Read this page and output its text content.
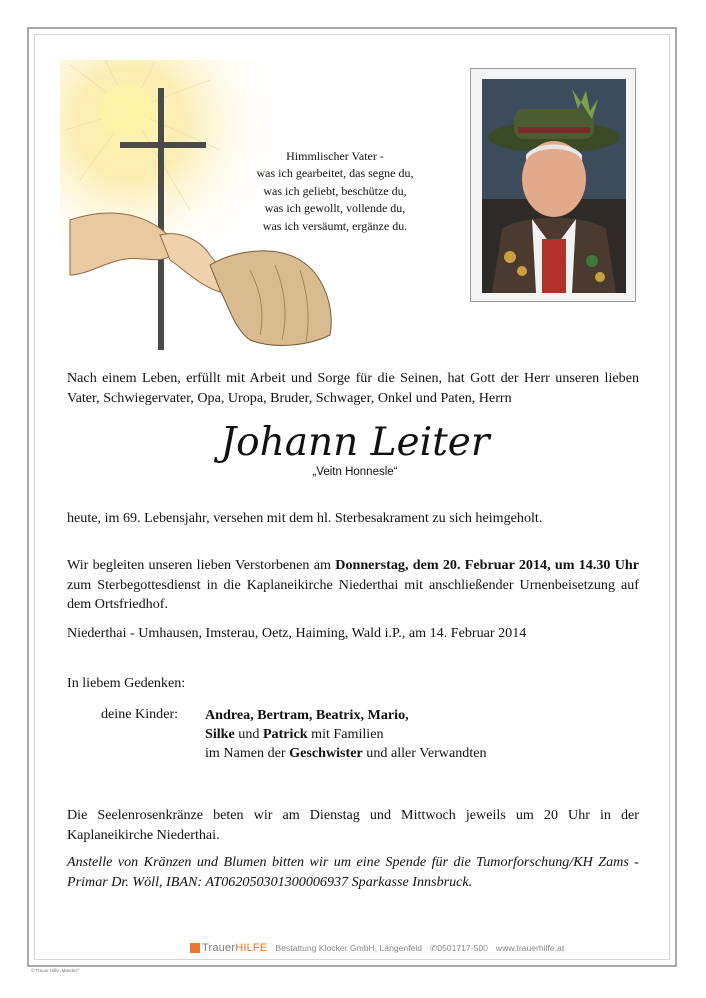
Himmlischer Vater -
was ich gearbeitet, das segne du,
was ich geliebt, beschütze du,
was ich gewollt, vollende du,
was ich versäumt, ergänze du.
Nach einem Leben, erfüllt mit Arbeit und Sorge für die Seinen, hat Gott der Herr unseren lieben Vater, Schwiegervater, Opa, Uropa, Bruder, Schwager, Onkel und Paten, Herrn
Johann Leiter
„Veitn Honnesle“
heute, im 69. Lebensjahr, versehen mit dem hl. Sterbesakrament zu sich heimgeholt.
Wir begleiten unseren lieben Verstorbenen am Donnerstag, dem 20. Februar 2014, um 14.30 Uhr zum Sterbegottesdienst in die Kaplaneikirche Niederthai mit anschließender Urnenbeisetzung auf dem Ortsfriedhof.
Niederthai - Umhausen, Imsterau, Oetz, Haiming, Wald i.P., am 14. Februar 2014
In liebem Gedenken:
deine Kinder: Andrea, Bertram, Beatrix, Mario,
Silke und Patrick mit Familien
im Namen der Geschwister und aller Verwandten
Die Seelenrosenkränze beten wir am Dienstag und Mittwoch jeweils um 20 Uhr in der Kaplaneikirche Niederthai.
Anstelle von Kränzen und Blumen bitten wir um eine Spende für die Tumorforschung/KH Zams - Primar Dr. Wöll, IBAN: AT062050301300006937 Sparkasse Innsbruck.
TrauerHILFE Bestattung Klocker GmbH, Längenfeld ✆0501717-500 www.trauerhilfe.at
© Trauer Hilfe „Mande2“
